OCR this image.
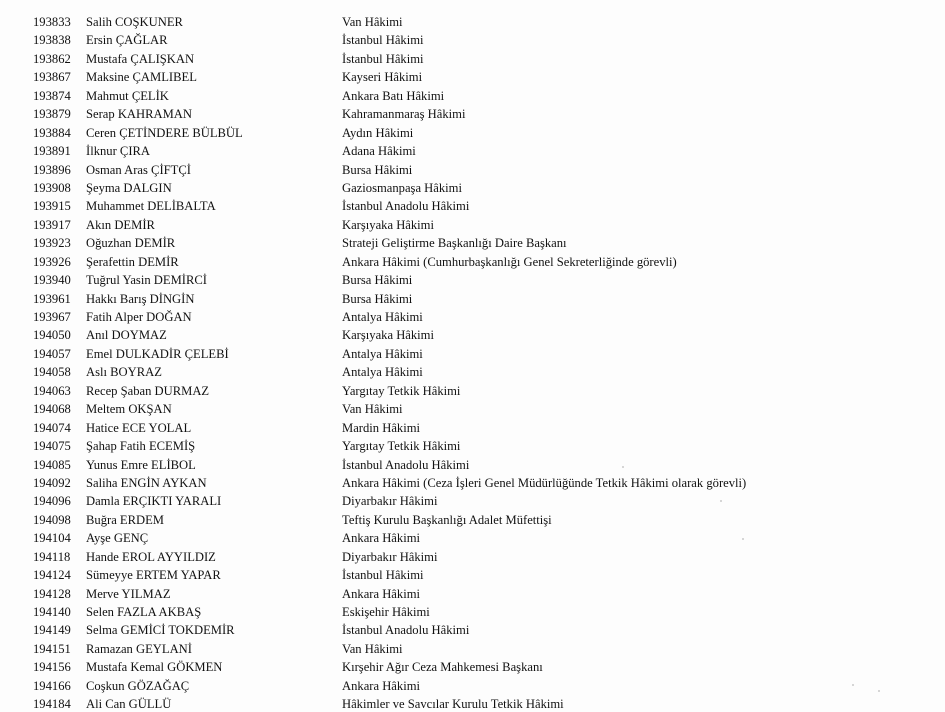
193833	Salih COŞKUNER	Van Hâkimi
193838	Ersin ÇAĞLAR	İstanbul Hâkimi
193862	Mustafa ÇALIŞKAN	İstanbul Hâkimi
193867	Maksine ÇAMLIBEL	Kayseri Hâkimi
193874	Mahmut ÇELİK	Ankara Batı Hâkimi
193879	Serap KAHRAMAN	Kahramanmaraş Hâkimi
193884	Ceren ÇETİNDERE BÜLBÜL	Aydın Hâkimi
193891	İlknur ÇIRA	Adana Hâkimi
193896	Osman Aras ÇİFTÇİ	Bursa Hâkimi
193908	Şeyma DALGIN	Gaziosmanpaşa Hâkimi
193915	Muhammet DELİBALTA	İstanbul Anadolu Hâkimi
193917	Akın DEMİR	Karşıyaka Hâkimi
193923	Oğuzhan DEMİR	Strateji Geliştirme Başkanlığı Daire Başkanı
193926	Şerafettin DEMİR	Ankara Hâkimi (Cumhurbaşkanlığı Genel Sekreterliğinde görevli)
193940	Tuğrul Yasin DEMİRCİ	Bursa Hâkimi
193961	Hakkı Barış DİNGİN	Bursa Hâkimi
193967	Fatih Alper DOĞAN	Antalya Hâkimi
194050	Anıl DOYMAZ	Karşıyaka Hâkimi
194057	Emel DULKADİR ÇELEBİ	Antalya Hâkimi
194058	Aslı BOYRAZ	Antalya Hâkimi
194063	Recep Şaban DURMAZ	Yargıtay Tetkik Hâkimi
194068	Meltem OKŞAN	Van Hâkimi
194074	Hatice ECE YOLAL	Mardin Hâkimi
194075	Şahap Fatih ECEMİŞ	Yargıtay Tetkik Hâkimi
194085	Yunus Emre ELİBOL	İstanbul Anadolu Hâkimi
194092	Saliha ENGİN AYKAN	Ankara Hâkimi (Ceza İşleri Genel Müdürlüğünde Tetkik Hâkimi olarak görevli)
194096	Damla ERÇIKTI YARALI	Diyarbakır Hâkimi
194098	Buğra ERDEM	Teftiş Kurulu Başkanlığı Adalet Müfettişi
194104	Ayşe GENÇ	Ankara Hâkimi
194118	Hande EROL AYYILDIZ	Diyarbakır Hâkimi
194124	Sümeyye ERTEM YAPAR	İstanbul Hâkimi
194128	Merve YILMAZ	Ankara Hâkimi
194140	Selen FAZLA AKBAŞ	Eskişehir Hâkimi
194149	Selma GEMİCİ TOKDEMİR	İstanbul Anadolu Hâkimi
194151	Ramazan GEYLANİ	Van Hâkimi
194156	Mustafa Kemal GÖKMEN	Kırşehir Ağır Ceza Mahkemesi Başkanı
194166	Coşkun GÖZAĞAÇ	Ankara Hâkimi
194184	Ali Can GÜLLÜ	Hâkimler ve Savcılar Kurulu Tetkik Hâkimi
